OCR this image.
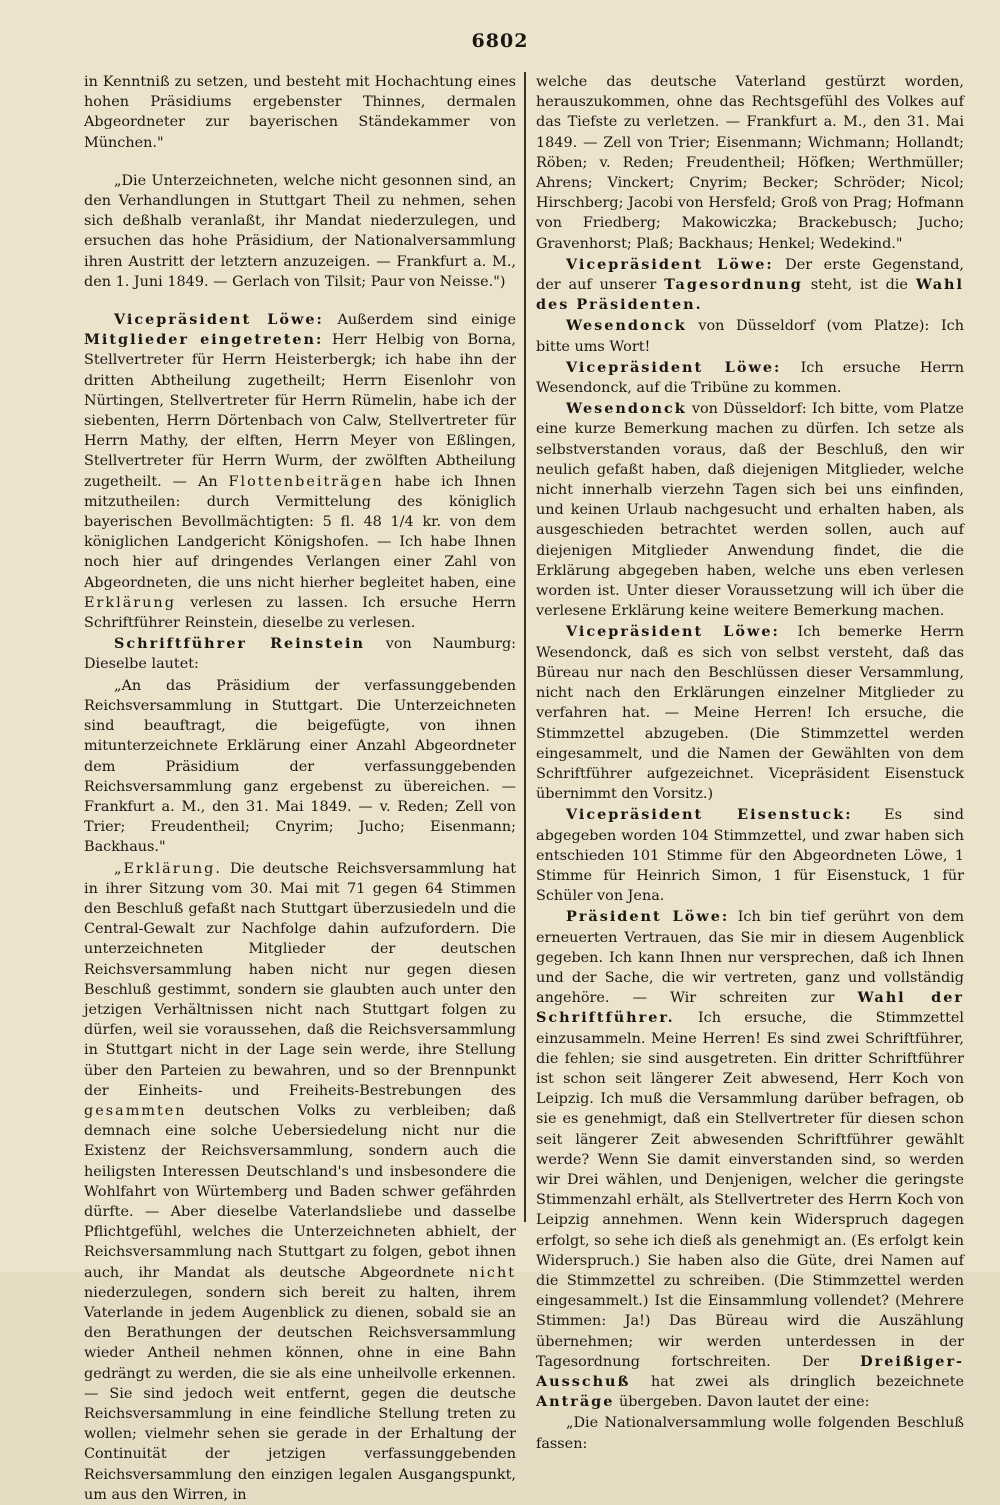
6802

in Kenntniß zu setzen, und besteht mit Hochachtung eines hohen Präsidiums ergebenster Thinnes, dermalen Abgeordneter zur bayerischen Ständekammer von München."

„Die Unterzeichneten, welche nicht gesonnen sind, an den Verhandlungen in Stuttgart Theil zu nehmen, sehen sich deßhalb veranlaßt, ihr Mandat niederzulegen, und ersuchen das hohe Präsidium, der Nationalversammlung ihren Austritt der letztern anzuzeigen. — Frankfurt a. M., den 1. Juni 1849. — Gerlach von Tilsit; Paur von Neisse.")

Vicepräsident Löwe: Außerdem sind einige Mitglieder eingetreten: Herr Helbig von Borna, Stellvertreter für Herrn Heisterbergk; ich habe ihn der dritten Abtheilung zugetheilt; Herrn Eisenlohr von Nürtingen, Stellvertreter für Herrn Rümelin, habe ich der siebenten, Herrn Dörtenbach von Calw, Stellvertreter für Herrn Mathy, der elften, Herrn Meyer von Eßlingen, Stellvertreter für Herrn Wurm, der zwölften Abtheilung zugetheilt. — An Flottenbeiträgen habe ich Ihnen mitzutheilen: durch Vermittelung des königlich bayerischen Bevollmächtigten: 5 fl. 48 1/4 kr. von dem königlichen Landgericht Königshofen. — Ich habe Ihnen noch hier auf dringendes Verlangen einer Zahl von Abgeordneten, die uns nicht hierher begleitet haben, eine Erklärung verlesen zu lassen. Ich ersuche Herrn Schriftführer Reinstein, dieselbe zu verlesen.

Schriftführer Reinstein von Naumburg: Dieselbe lautet:

„An das Präsidium der verfassunggebenden Reichsversammlung in Stuttgart. Die Unterzeichneten sind beauftragt, die beigefügte, von ihnen mitunterzeichnete Erklärung einer Anzahl Abgeordneter dem Präsidium der verfassunggebenden Reichsversammlung ganz ergebenst zu übereichen. — Frankfurt a. M., den 31. Mai 1849. — v. Reden; Zell von Trier; Freudentheil; Cnyrim; Jucho; Eisenmann; Backhaus."

„Erklärung. Die deutsche Reichsversammlung hat in ihrer Sitzung vom 30. Mai mit 71 gegen 64 Stimmen den Beschluß gefaßt nach Stuttgart überzusiedeln und die Central-Gewalt zur Nachfolge dahin aufzufordern. Die unterzeichneten Mitglieder der deutschen Reichsversammlung haben nicht nur gegen diesen Beschluß gestimmt, sondern sie glaubten auch unter den jetzigen Verhältnissen nicht nach Stuttgart folgen zu dürfen, weil sie voraussehen, daß die Reichsversammlung in Stuttgart nicht in der Lage sein werde, ihre Stellung über den Parteien zu bewahren, und so der Brennpunkt der Einheits- und Freiheits-Bestrebungen des gesammten deutschen Volks zu verbleiben; daß demnach eine solche Uebersiedelung nicht nur die Existenz der Reichsversammlung, sondern auch die heiligsten Interessen Deutschland's und insbesondere die Wohlfahrt von Würtemberg und Baden schwer gefährden dürfte. — Aber dieselbe Vaterlandsliebe und dasselbe Pflichtgefühl, welches die Unterzeichneten abhielt, der Reichsversammlung nach Stuttgart zu folgen, gebot ihnen auch, ihr Mandat als deutsche Abgeordnete nicht niederzulegen, sondern sich bereit zu halten, ihrem Vaterlande in jedem Augenblick zu dienen, sobald sie an den Berathungen der deutschen Reichsversammlung wieder Antheil nehmen können, ohne in eine Bahn gedrängt zu werden, die sie als eine unheilvolle erkennen. — Sie sind jedoch weit entfernt, gegen die deutsche Reichsversammlung in eine feindliche Stellung treten zu wollen; vielmehr sehen sie gerade in der Erhaltung der Continuität der jetzigen verfassunggebenden Reichsversammlung den einzigen legalen Ausgangspunkt, um aus den Wirren, in

welche das deutsche Vaterland gestürzt worden, herauszukommen, ohne das Rechtsgefühl des Volkes auf das Tiefste zu verletzen. — Frankfurt a. M., den 31. Mai 1849. — Zell von Trier; Eisenmann; Wichmann; Hollandt; Röben; v. Reden; Freudentheil; Höfken; Werthmüller; Ahrens; Vinckert; Cnyrim; Becker; Schröder; Nicol; Hirschberg; Jacobi von Hersfeld; Groß von Prag; Hofmann von Friedberg; Makowiczka; Brackebusch; Jucho; Gravenhorst; Plaß; Backhaus; Henkel; Wedekind."

Vicepräsident Löwe: Der erste Gegenstand, der auf unserer Tagesordnung steht, ist die Wahl des Präsidenten.

Wesendonck von Düsseldorf (vom Platze): Ich bitte ums Wort!

Vicepräsident Löwe: Ich ersuche Herrn Wesendonck, auf die Tribüne zu kommen.

Wesendonck von Düsseldorf: Ich bitte, vom Platze eine kurze Bemerkung machen zu dürfen. Ich setze als selbstverstanden voraus, daß der Beschluß, den wir neulich gefaßt haben, daß diejenigen Mitglieder, welche nicht innerhalb vierzehn Tagen sich bei uns einfinden, und keinen Urlaub nachgesucht und erhalten haben, als ausgeschieden betrachtet werden sollen, auch auf diejenigen Mitglieder Anwendung findet, die die Erklärung abgegeben haben, welche uns eben verlesen worden ist. Unter dieser Voraussetzung will ich über die verlesene Erklärung keine weitere Bemerkung machen.

Vicepräsident Löwe: Ich bemerke Herrn Wesendonck, daß es sich von selbst versteht, daß das Büreau nur nach den Beschlüssen dieser Versammlung, nicht nach den Erklärungen einzelner Mitglieder zu verfahren hat. — Meine Herren! Ich ersuche, die Stimmzettel abzugeben. (Die Stimmzettel werden eingesammelt, und die Namen der Gewählten von dem Schriftführer aufgezeichnet. Vicepräsident Eisenstuck übernimmt den Vorsitz.)

Vicepräsident Eisenstuck: Es sind abgegeben worden 104 Stimmzettel, und zwar haben sich entschieden 101 Stimme für den Abgeordneten Löwe, 1 Stimme für Heinrich Simon, 1 für Eisenstuck, 1 für Schüler von Jena.

Präsident Löwe: Ich bin tief gerührt von dem erneuerten Vertrauen, das Sie mir in diesem Augenblick gegeben. Ich kann Ihnen nur versprechen, daß ich Ihnen und der Sache, die wir vertreten, ganz und vollständig angehöre. — Wir schreiten zur Wahl der Schriftführer. Ich ersuche, die Stimmzettel einzusammeln. Meine Herren! Es sind zwei Schriftführer, die fehlen; sie sind ausgetreten. Ein dritter Schriftführer ist schon seit längerer Zeit abwesend, Herr Koch von Leipzig. Ich muß die Versammlung darüber befragen, ob sie es genehmigt, daß ein Stellvertreter für diesen schon seit längerer Zeit abwesenden Schriftführer gewählt werde? Wenn Sie damit einverstanden sind, so werden wir Drei wählen, und Denjenigen, welcher die geringste Stimmenzahl erhält, als Stellvertreter des Herrn Koch von Leipzig annehmen. Wenn kein Widerspruch dagegen erfolgt, so sehe ich dieß als genehmigt an. (Es erfolgt kein Widerspruch.) Sie haben also die Güte, drei Namen auf die Stimmzettel zu schreiben. (Die Stimmzettel werden eingesammelt.) Ist die Einsammlung vollendet? (Mehrere Stimmen: Ja!) Das Büreau wird die Auszählung übernehmen; wir werden unterdessen in der Tagesordnung fortschreiten. Der Dreißiger-Ausschuß hat zwei als dringlich bezeichnete Anträge übergeben. Davon lautet der eine:

„Die Nationalversammlung wolle folgenden Beschluß fassen:
